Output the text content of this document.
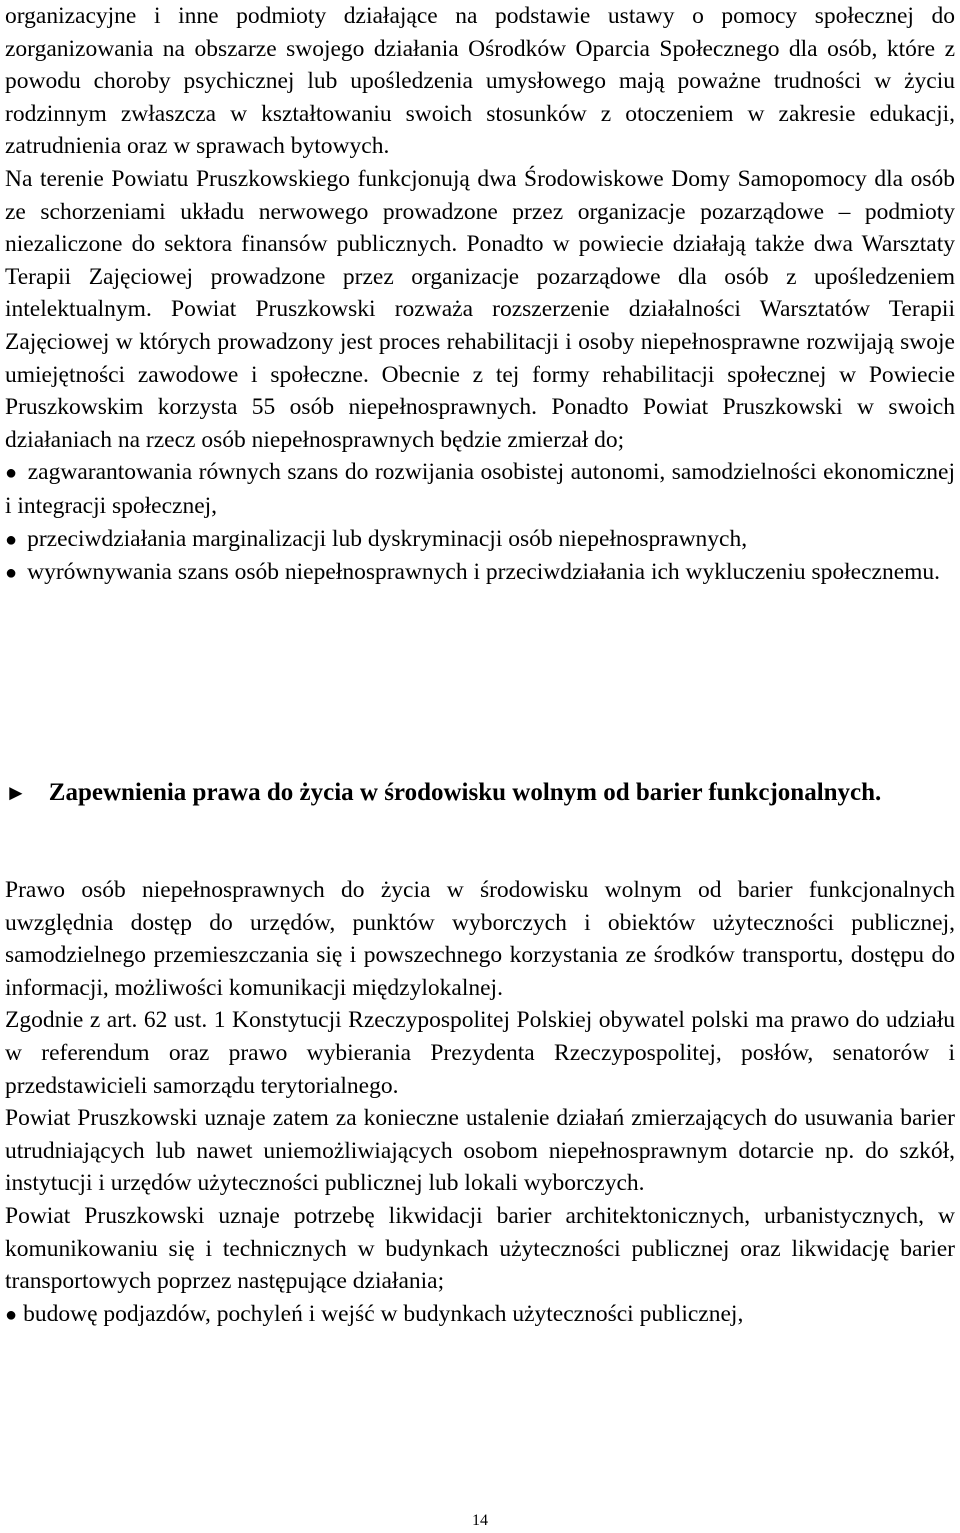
organizacyjne i inne podmioty działające na podstawie ustawy o pomocy społecznej do zorganizowania na obszarze swojego działania Ośrodków Oparcia Społecznego dla osób, które z powodu choroby psychicznej lub upośledzenia umysłowego mają poważne trudności w życiu rodzinnym zwłaszcza w kształtowaniu swoich stosunków z otoczeniem w zakresie edukacji, zatrudnienia oraz w sprawach bytowych.

Na terenie Powiatu Pruszkowskiego funkcjonują dwa Środowiskowe Domy Samopomocy dla osób ze schorzeniami układu nerwowego prowadzone przez organizacje pozarządowe – podmioty niezaliczone do sektora finansów publicznych. Ponadto w powiecie działają także dwa Warsztaty Terapii Zajęciowej prowadzone przez organizacje pozarządowe dla osób z upośledzeniem intelektualnym. Powiat Pruszkowski rozważa rozszerzenie działalności Warsztatów Terapii Zajęciowej w których prowadzony jest proces rehabilitacji i osoby niepełnosprawne rozwijają swoje umiejętności zawodowe i społeczne. Obecnie z tej formy rehabilitacji społecznej w Powiecie Pruszkowskim korzysta 55 osób niepełnosprawnych. Ponadto Powiat Pruszkowski w swoich działaniach na rzecz osób niepełnosprawnych będzie zmierzał do;

● zagwarantowania równych szans do rozwijania osobistej autonomi, samodzielności ekonomicznej i integracji społecznej,

● przeciwdziałania marginalizacji lub dyskryminacji osób niepełnosprawnych,

● wyrównywania szans osób niepełnosprawnych i przeciwdziałania ich wykluczeniu społecznemu.

► Zapewnienia prawa do życia w środowisku wolnym od barier funkcjonalnych.

Prawo osób niepełnosprawnych do życia w środowisku wolnym od barier funkcjonalnych uwzględnia dostęp do urzędów, punktów wyborczych i obiektów użyteczności publicznej, samodzielnego przemieszczania się i powszechnego korzystania ze środków transportu, dostępu do informacji, możliwości komunikacji międzylokalnej.

Zgodnie z art. 62 ust. 1 Konstytucji Rzeczypospolitej Polskiej obywatel polski ma prawo do udziału w referendum oraz prawo wybierania Prezydenta Rzeczypospolitej, posłów, senatorów i przedstawicieli samorządu terytorialnego.

Powiat Pruszkowski uznaje zatem za konieczne ustalenie działań zmierzających do usuwania barier utrudniających lub nawet uniemożliwiających osobom niepełnosprawnym dotarcie np. do szkół, instytucji i urzędów użyteczności publicznej lub lokali wyborczych.

Powiat Pruszkowski uznaje potrzebę likwidacji barier architektonicznych, urbanistycznych, w komunikowaniu się i technicznych w budynkach użyteczności publicznej oraz likwidację barier transportowych poprzez następujące działania;

● budowę podjazdów, pochyleń i wejść w budynkach użyteczności publicznej,

14
